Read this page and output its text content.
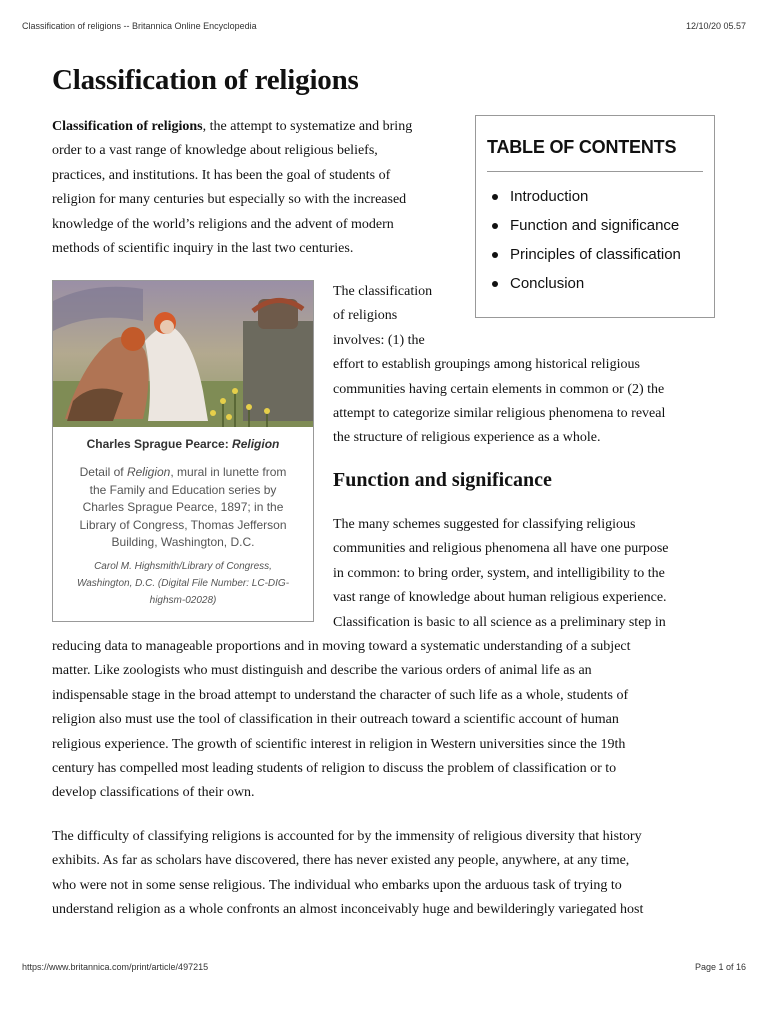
Classification of religions -- Britannica Online Encyclopedia	12/10/20 05.57
Classification of religions
Classification of religions, the attempt to systematize and bring
order to a vast range of knowledge about religious beliefs,
practices, and institutions. It has been the goal of students of
religion for many centuries but especially so with the increased
knowledge of the world’s religions and the advent of modern
methods of scientific inquiry in the last two centuries.
TABLE OF CONTENTS
Introduction
Function and significance
Principles of classification
Conclusion
Charles Sprague Pearce: Religion
Detail of Religion, mural in lunette from
the Family and Education series by
Charles Sprague Pearce, 1897; in the
Library of Congress, Thomas Jefferson
Building, Washington, D.C.
Carol M. Highsmith/Library of Congress,
Washington, D.C. (Digital File Number: LC-DIG-
highsm-02028)
The classification
of religions
involves: (1) the
effort to establish groupings among historical religious
communities having certain elements in common or (2) the
attempt to categorize similar religious phenomena to reveal
the structure of religious experience as a whole.
Function and significance
The many schemes suggested for classifying religious
communities and religious phenomena all have one purpose
in common: to bring order, system, and intelligibility to the
vast range of knowledge about human religious experience.
Classification is basic to all science as a preliminary step in
reducing data to manageable proportions and in moving toward a systematic understanding of a subject
matter. Like zoologists who must distinguish and describe the various orders of animal life as an
indispensable stage in the broad attempt to understand the character of such life as a whole, students of
religion also must use the tool of classification in their outreach toward a scientific account of human
religious experience. The growth of scientific interest in religion in Western universities since the 19th
century has compelled most leading students of religion to discuss the problem of classification or to
develop classifications of their own.
The difficulty of classifying religions is accounted for by the immensity of religious diversity that history
exhibits. As far as scholars have discovered, there has never existed any people, anywhere, at any time,
who were not in some sense religious. The individual who embarks upon the arduous task of trying to
understand religion as a whole confronts an almost inconceivably huge and bewilderingly variegated host
https://www.britannica.com/print/article/497215	Page 1 of 16
